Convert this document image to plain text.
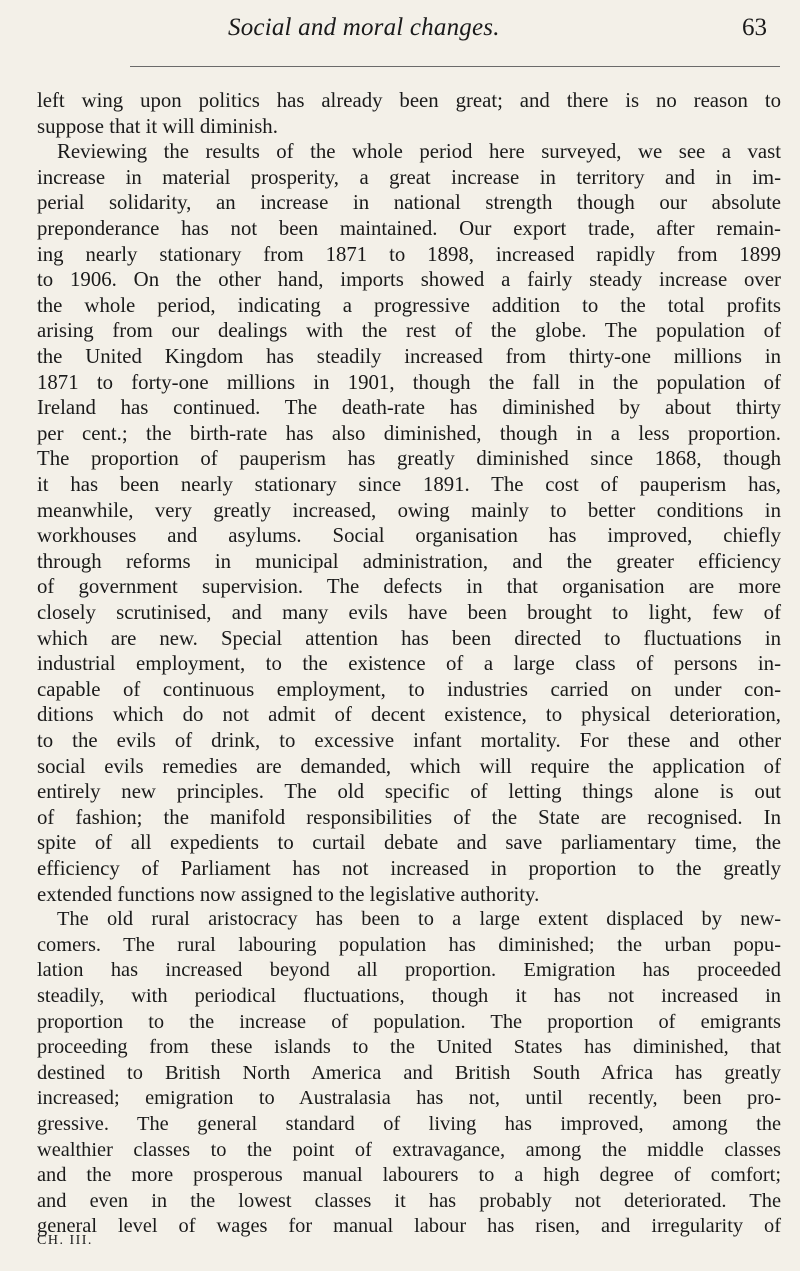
Social and moral changes.	63
left wing upon politics has already been great; and there is no reason to
suppose that it will diminish.
Reviewing the results of the whole period here surveyed, we see a vast
increase in material prosperity, a great increase in territory and in im-
perial solidarity, an increase in national strength though our absolute
preponderance has not been maintained. Our export trade, after remain-
ing nearly stationary from 1871 to 1898, increased rapidly from 1899
to 1906. On the other hand, imports showed a fairly steady increase over
the whole period, indicating a progressive addition to the total profits
arising from our dealings with the rest of the globe. The population of
the United Kingdom has steadily increased from thirty-one millions in
1871 to forty-one millions in 1901, though the fall in the population of
Ireland has continued. The death-rate has diminished by about thirty
per cent.; the birth-rate has also diminished, though in a less proportion.
The proportion of pauperism has greatly diminished since 1868, though
it has been nearly stationary since 1891. The cost of pauperism has,
meanwhile, very greatly increased, owing mainly to better conditions in
workhouses and asylums. Social organisation has improved, chiefly
through reforms in municipal administration, and the greater efficiency
of government supervision. The defects in that organisation are more
closely scrutinised, and many evils have been brought to light, few of
which are new. Special attention has been directed to fluctuations in
industrial employment, to the existence of a large class of persons in-
capable of continuous employment, to industries carried on under con-
ditions which do not admit of decent existence, to physical deterioration,
to the evils of drink, to excessive infant mortality. For these and other
social evils remedies are demanded, which will require the application of
entirely new principles. The old specific of letting things alone is out
of fashion; the manifold responsibilities of the State are recognised. In
spite of all expedients to curtail debate and save parliamentary time, the
efficiency of Parliament has not increased in proportion to the greatly
extended functions now assigned to the legislative authority.
The old rural aristocracy has been to a large extent displaced by new-
comers. The rural labouring population has diminished; the urban popu-
lation has increased beyond all proportion. Emigration has proceeded
steadily, with periodical fluctuations, though it has not increased in
proportion to the increase of population. The proportion of emigrants
proceeding from these islands to the United States has diminished, that
destined to British North America and British South Africa has greatly
increased; emigration to Australasia has not, until recently, been pro-
gressive. The general standard of living has improved, among the
wealthier classes to the point of extravagance, among the middle classes
and the more prosperous manual labourers to a high degree of comfort;
and even in the lowest classes it has probably not deteriorated. The
general level of wages for manual labour has risen, and irregularity of
CH. III.
